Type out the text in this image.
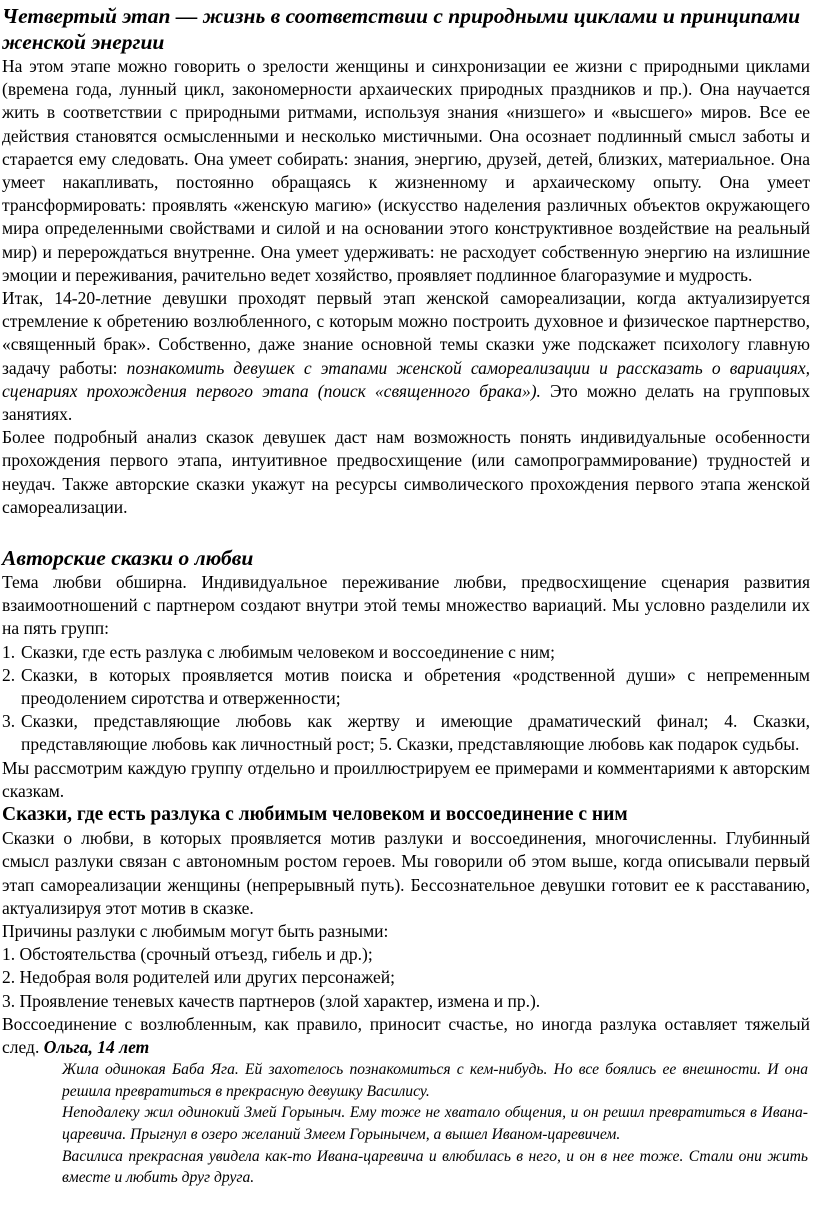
Четвертый этап — жизнь в соответствии с природными циклами и принципами женской энергии

На этом этапе можно говорить о зрелости женщины и синхронизации ее жизни с природными циклами (времена года, лунный цикл, закономерности архаических природных праздников и пр.). Она научается жить в соответствии с природными ритмами, используя знания «низшего» и «высшего» миров. Все ее действия становятся осмысленными и несколько мистичными. Она осознает подлинный смысл заботы и старается ему следовать. Она умеет собирать: знания, энергию, друзей, детей, близких, материальное. Она умеет накапливать, постоянно обращаясь к жизненному и архаическому опыту. Она умеет трансформировать: проявлять «женскую магию» (искусство наделения различных объектов окружающего мира определенными свойствами и силой и на основании этого конструктивное воздействие на реальный мир) и перерождаться внутренне. Она умеет удерживать: не расходует собственную энергию на излишние эмоции и переживания, рачительно ведет хозяйство, проявляет подлинное благоразумие и мудрость.

Итак, 14-20-летние девушки проходят первый этап женской самореализации, когда актуализируется стремление к обретению возлюбленного, с которым можно построить духовное и физическое партнерство, «священный брак». Собственно, даже знание основной темы сказки уже подскажет психологу главную задачу работы: познакомить девушек с этапами женской самореализации и рассказать о вариациях, сценариях прохождения первого этапа (поиск «священного брака»). Это можно делать на групповых занятиях.

Более подробный анализ сказок девушек даст нам возможность понять индивидуальные особенности прохождения первого этапа, интуитивное предвосхищение (или самопрограммирование) трудностей и неудач. Также авторские сказки укажут на ресурсы символического прохождения первого этапа женской самореализации.

Авторские сказки о любви

Тема любви обширна. Индивидуальное переживание любви, предвосхищение сценария развития взаимоотношений с партнером создают внутри этой темы множество вариаций. Мы условно разделили их на пять групп:

1. Сказки, где есть разлука с любимым человеком и воссоединение с ним;
2. Сказки, в которых проявляется мотив поиска и обретения «родственной души» с непременным преодолением сиротства и отверженности;
3. Сказки, представляющие любовь как жертву и имеющие драматический финал; 4. Сказки, представляющие любовь как личностный рост; 5. Сказки, представляющие любовь как подарок судьбы.

Мы рассмотрим каждую группу отдельно и проиллюстрируем ее примерами и комментариями к авторским сказкам.

Сказки, где есть разлука с любимым человеком и воссоединение с ним

Сказки о любви, в которых проявляется мотив разлуки и воссоединения, многочисленны. Глубинный смысл разлуки связан с автономным ростом героев. Мы говорили об этом выше, когда описывали первый этап самореализации женщины (непрерывный путь). Бессознательное девушки готовит ее к расставанию, актуализируя этот мотив в сказке.

Причины разлуки с любимым могут быть разными:

1. Обстоятельства (срочный отъезд, гибель и др.);

2. Недобрая воля родителей или других персонажей;

3. Проявление теневых качеств партнеров (злой характер, измена и пр.).

Воссоединение с возлюбленным, как правило, приносит счастье, но иногда разлука оставляет тяжелый след. Ольга, 14 лет

Жила одинокая Баба Яга. Ей захотелось познакомиться с кем-нибудь. Но все боялись ее внешности. И она решила превратиться в прекрасную девушку Василису.

Неподалеку жил одинокий Змей Горыныч. Ему тоже не хватало общения, и он решил превратиться в Ивана-царевича. Прыгнул в озеро желаний Змеем Горынычем, а вышел Иваном-царевичем.

Василиса прекрасная увидела как-то Ивана-царевича и влюбилась в него, и он в нее тоже. Стали они жить вместе и любить друг друга.
